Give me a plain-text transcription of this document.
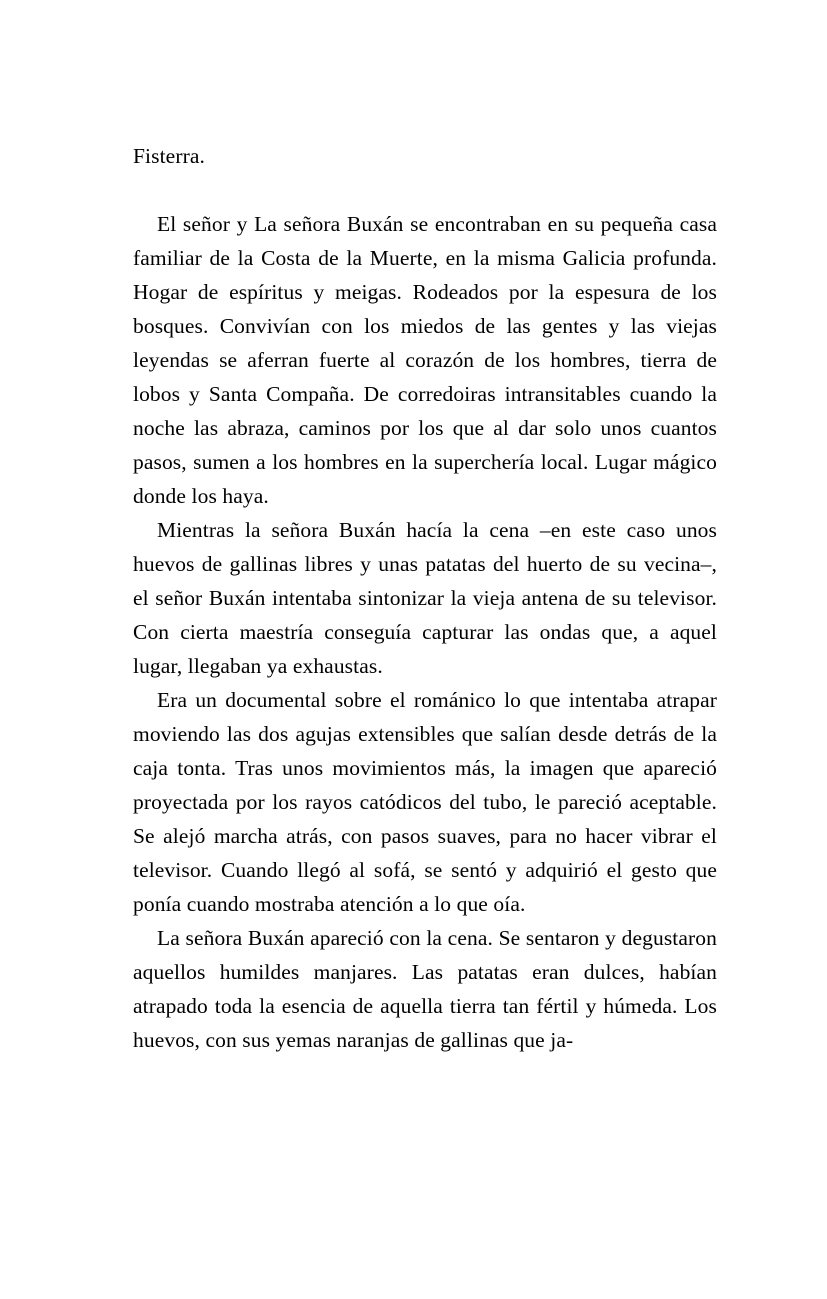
Fisterra.

El señor y La señora Buxán se encontraban en su pequeña casa familiar de la Costa de la Muerte, en la misma Galicia profunda. Hogar de espíritus y meigas. Rodeados por la espesura de los bosques. Convivían con los miedos de las gentes y las viejas leyendas se aferran fuerte al corazón de los hombres, tierra de lobos y Santa Compaña. De corredoiras intransitables cuando la noche las abraza, caminos por los que al dar solo unos cuantos pasos, sumen a los hombres en la superchería local. Lugar mágico donde los haya.

Mientras la señora Buxán hacía la cena –en este caso unos huevos de gallinas libres y unas patatas del huerto de su vecina–, el señor Buxán intentaba sintonizar la vieja antena de su televisor. Con cierta maestría conseguía capturar las ondas que, a aquel lugar, llegaban ya exhaustas.

Era un documental sobre el románico lo que intentaba atrapar moviendo las dos agujas extensibles que salían desde detrás de la caja tonta. Tras unos movimientos más, la imagen que apareció proyectada por los rayos catódicos del tubo, le pareció aceptable. Se alejó marcha atrás, con pasos suaves, para no hacer vibrar el televisor. Cuando llegó al sofá, se sentó y adquirió el gesto que ponía cuando mostraba atención a lo que oía.

La señora Buxán apareció con la cena. Se sentaron y degustaron aquellos humildes manjares. Las patatas eran dulces, habían atrapado toda la esencia de aquella tierra tan fértil y húmeda. Los huevos, con sus yemas naranjas de gallinas que ja-
